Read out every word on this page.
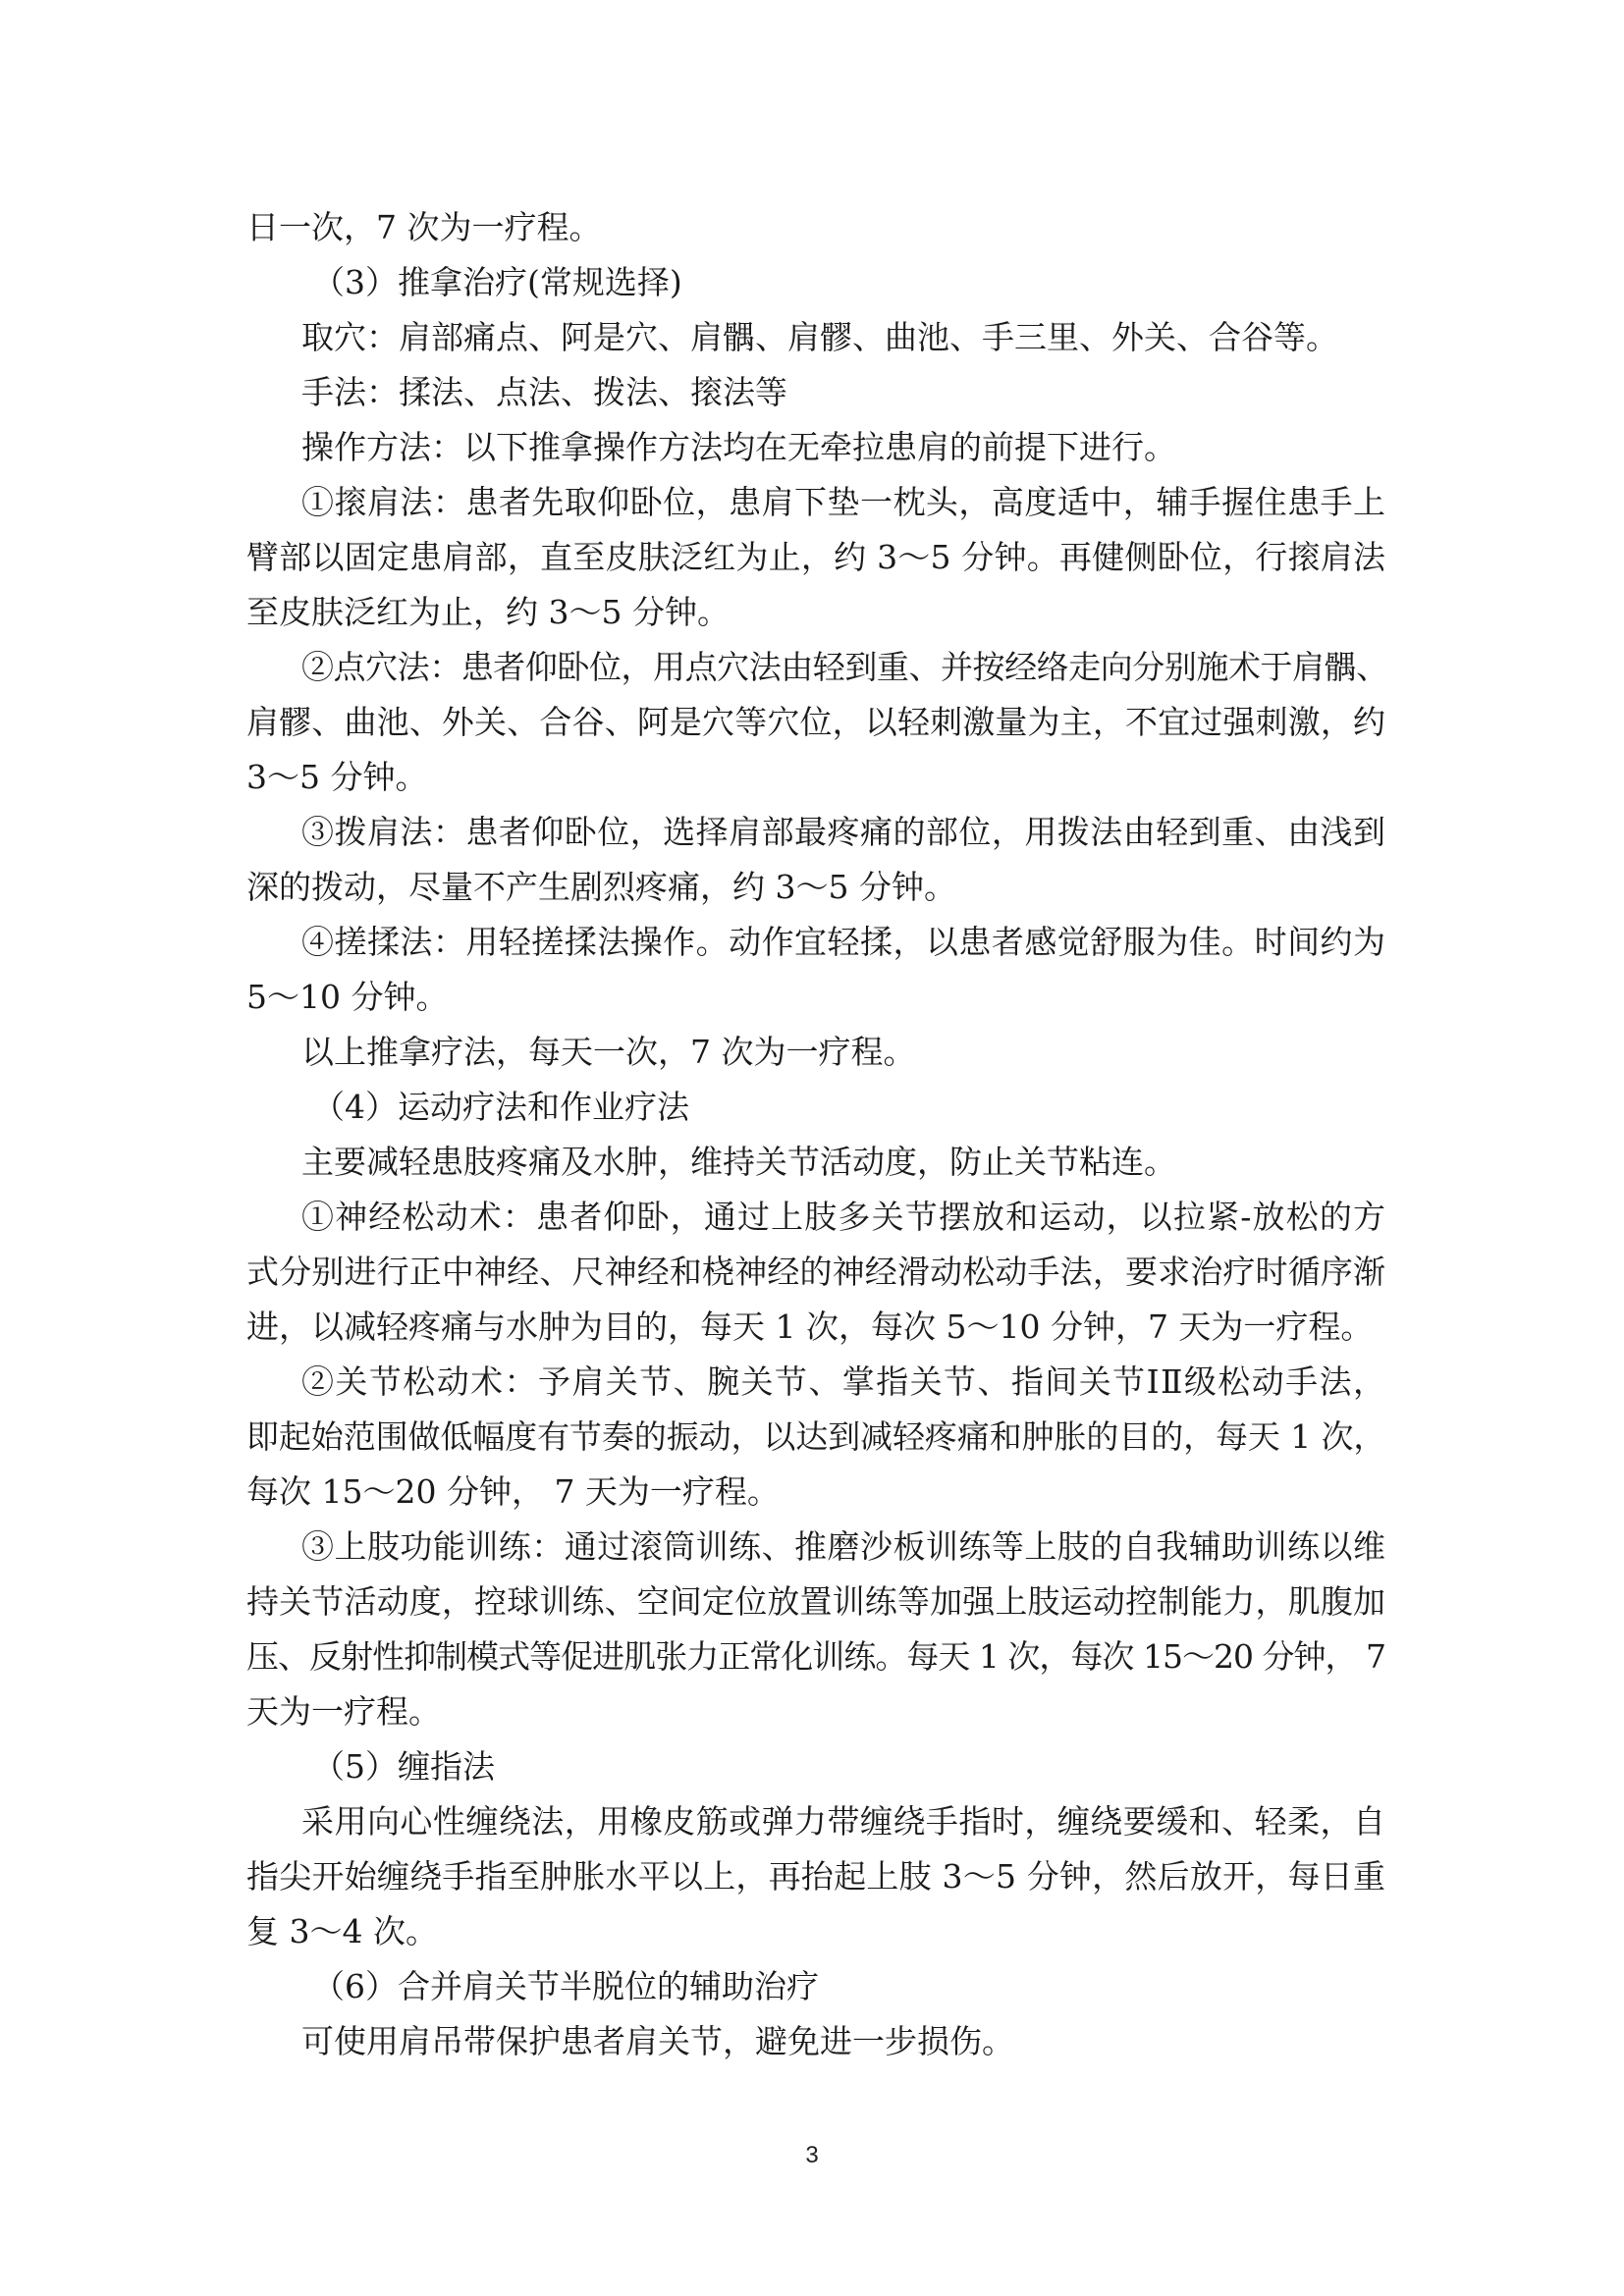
日一次，7 次为一疗程。
（3）推拿治疗(常规选择)
取穴：肩部痛点、阿是穴、肩髃、肩髎、曲池、手三里、外关、合谷等。
手法：揉法、点法、拨法、㨰法等
操作方法：以下推拿操作方法均在无牵拉患肩的前提下进行。
①㨰肩法：患者先取仰卧位，患肩下垫一枕头，高度适中，辅手握住患手上
臂部以固定患肩部，直至皮肤泛红为止，约 3～5 分钟。再健侧卧位，行㨰肩法
至皮肤泛红为止，约 3～5 分钟。
②点穴法：患者仰卧位，用点穴法由轻到重、并按经络走向分别施术于肩髃、
肩髎、曲池、外关、合谷、阿是穴等穴位，以轻刺激量为主，不宜过强刺激，约
3～5 分钟。
③拨肩法：患者仰卧位，选择肩部最疼痛的部位，用拨法由轻到重、由浅到
深的拨动，尽量不产生剧烈疼痛，约 3～5 分钟。
④搓揉法：用轻搓揉法操作。动作宜轻揉，以患者感觉舒服为佳。时间约为
5～10 分钟。
以上推拿疗法，每天一次，7 次为一疗程。
（4）运动疗法和作业疗法
主要减轻患肢疼痛及水肿，维持关节活动度，防止关节粘连。
①神经松动术：患者仰卧，通过上肢多关节摆放和运动，以拉紧-放松的方
式分别进行正中神经、尺神经和桡神经的神经滑动松动手法，要求治疗时循序渐
进，以减轻疼痛与水肿为目的，每天 1 次，每次 5～10 分钟，7 天为一疗程。
②关节松动术：予肩关节、腕关节、掌指关节、指间关节ⅠⅡ级松动手法，
即起始范围做低幅度有节奏的振动，以达到减轻疼痛和肿胀的目的，每天 1 次，
每次 15～20 分钟， 7 天为一疗程。
③上肢功能训练：通过滚筒训练、推磨沙板训练等上肢的自我辅助训练以维
持关节活动度，控球训练、空间定位放置训练等加强上肢运动控制能力，肌腹加
压、反射性抑制模式等促进肌张力正常化训练。每天 1 次，每次 15～20 分钟， 7
天为一疗程。
（5）缠指法
采用向心性缠绕法，用橡皮筋或弹力带缠绕手指时，缠绕要缓和、轻柔，自
指尖开始缠绕手指至肿胀水平以上，再抬起上肢 3～5 分钟，然后放开，每日重
复 3～4 次。
（6）合并肩关节半脱位的辅助治疗
可使用肩吊带保护患者肩关节，避免进一步损伤。
3
